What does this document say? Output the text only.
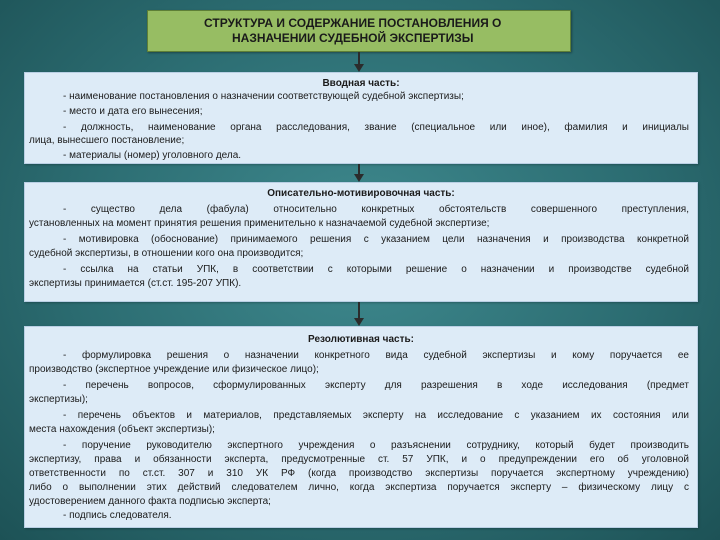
СТРУКТУРА И СОДЕРЖАНИЕ ПОСТАНОВЛЕНИЯ О
НАЗНАЧЕНИИ СУДЕБНОЙ ЭКСПЕРТИЗЫ
Вводная часть:
- наименование постановления о назначении соответствующей судебной экспертизы;
- место и дата его вынесения;
- должность, наименование органа расследования, звание (специальное или иное), фамилия и инициалы
лица, вынесшего постановление;
- материалы (номер) уголовного дела.
Описательно-мотивировочная часть:
- существо дела (фабула) относительно конкретных обстоятельств совершенного преступления,
установленных на момент принятия решения применительно к назначаемой судебной экспертизе;
- мотивировка (обоснование) принимаемого решения с указанием цели назначения и производства конкретной
судебной экспертизы, в отношении кого она производится;
- ссылка на статьи УПК, в соответствии с которыми решение о назначении и производстве судебной
экспертизы принимается (ст.ст. 195-207 УПК).
Резолютивная часть:
- формулировка решения о назначении конкретного вида судебной экспертизы и кому поручается ее
производство (экспертное учреждение или физическое лицо);
- перечень вопросов, сформулированных эксперту для разрешения в ходе исследования (предмет
экспертизы);
- перечень объектов и материалов, представляемых эксперту на исследование с указанием их состояния или
места нахождения (объект экспертизы);
- поручение руководителю экспертного учреждения о разъяснении сотруднику, который будет производить
экспертизу, права и обязанности эксперта, предусмотренные ст. 57 УПК, и о предупреждении его об уголовной
ответственности по ст.ст. 307 и 310 УК РФ (когда производство экспертизы поручается экспертному учреждению)
либо о выполнении этих действий следователем лично, когда экспертиза поручается эксперту – физическому лицу с
удостоверением данного факта подписью эксперта;
- подпись следователя.
